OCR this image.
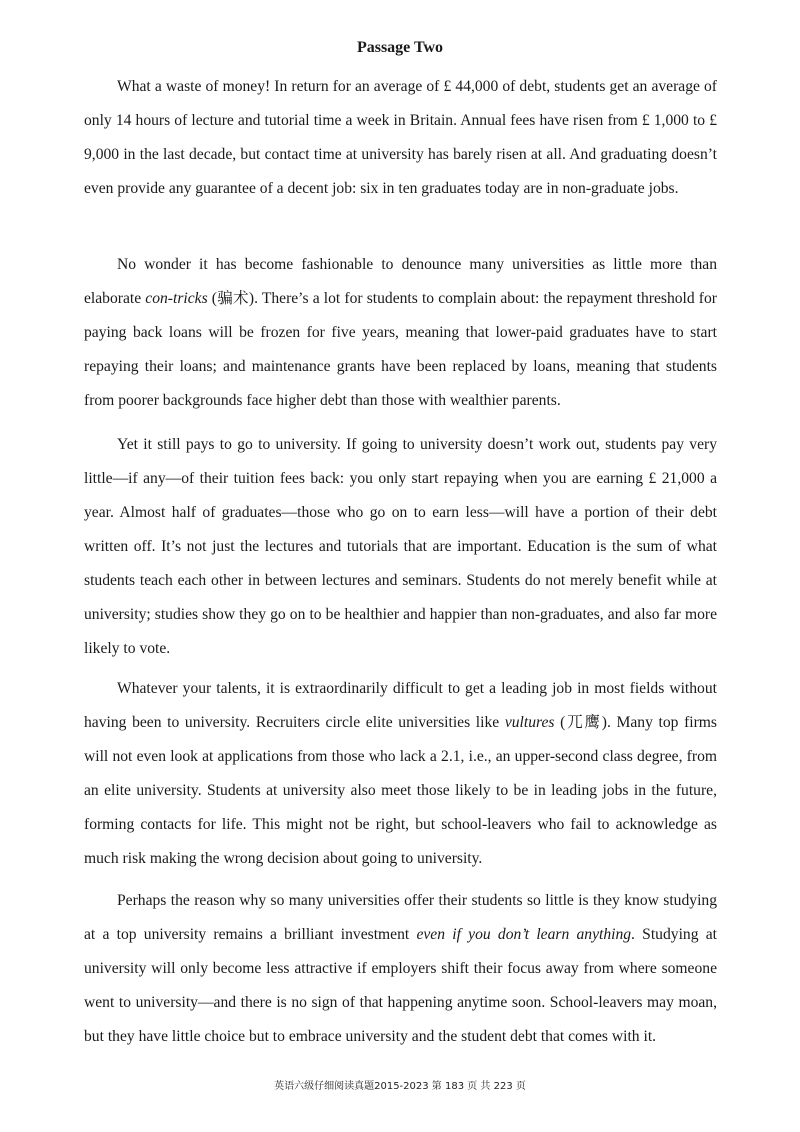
Passage Two

What a waste of money! In return for an average of £ 44,000 of debt, students get an average of only 14 hours of lecture and tutorial time a week in Britain. Annual fees have risen from £ 1,000 to £ 9,000 in the last decade, but contact time at university has barely risen at all. And graduating doesn’t even provide any guarantee of a decent job: six in ten graduates today are in non-graduate jobs.

No wonder it has become fashionable to denounce many universities as little more than elaborate con-tricks (骗术). There’s a lot for students to complain about: the repayment threshold for paying back loans will be frozen for five years, meaning that lower-paid graduates have to start repaying their loans; and maintenance grants have been replaced by loans, meaning that students from poorer backgrounds face higher debt than those with wealthier parents.

Yet it still pays to go to university. If going to university doesn’t work out, students pay very little—if any—of their tuition fees back: you only start repaying when you are earning £ 21,000 a year. Almost half of graduates—those who go on to earn less—will have a portion of their debt written off. It’s not just the lectures and tutorials that are important. Education is the sum of what students teach each other in between lectures and seminars. Students do not merely benefit while at university; studies show they go on to be healthier and happier than non-graduates, and also far more likely to vote.

Whatever your talents, it is extraordinarily difficult to get a leading job in most fields without having been to university. Recruiters circle elite universities like vultures (兀鹰). Many top firms will not even look at applications from those who lack a 2.1, i.e., an upper-second class degree, from an elite university. Students at university also meet those likely to be in leading jobs in the future, forming contacts for life. This might not be right, but school-leavers who fail to acknowledge as much risk making the wrong decision about going to university.

Perhaps the reason why so many universities offer their students so little is they know studying at a top university remains a brilliant investment even if you don’t learn anything. Studying at university will only become less attractive if employers shift their focus away from where someone went to university—and there is no sign of that happening anytime soon. School-leavers may moan, but they have little choice but to embrace university and the student debt that comes with it.

英语六级仔细阅读真题2015-2023 第 183 页 共 223 页
